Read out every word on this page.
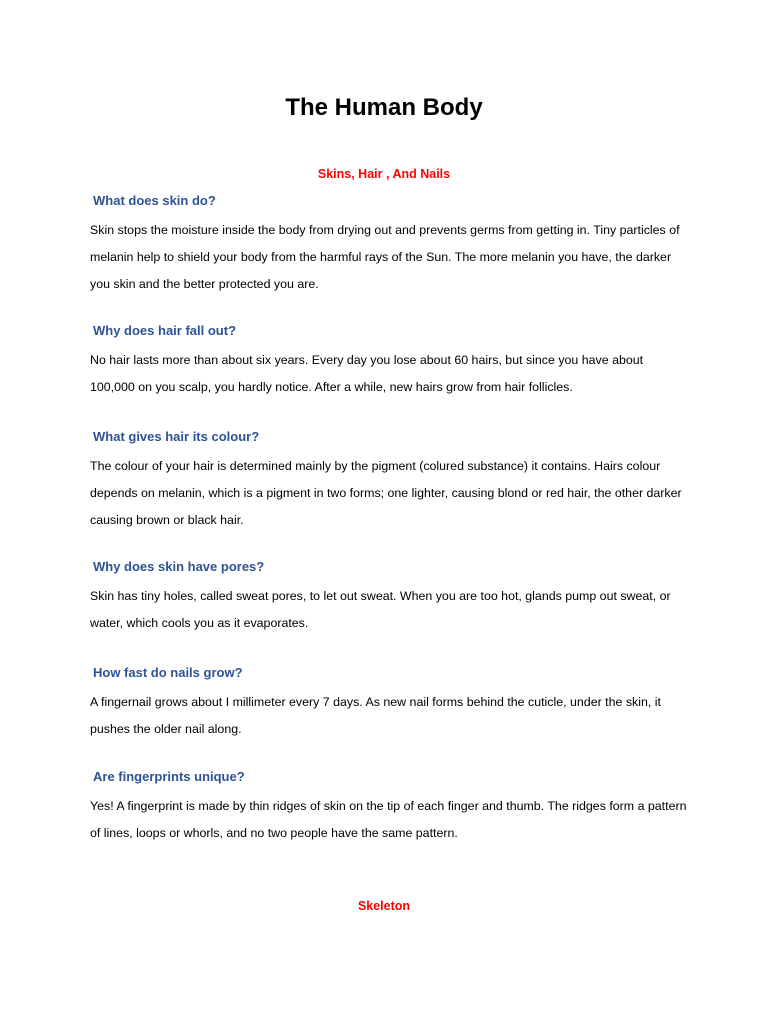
The Human Body
Skins, Hair , And Nails
What does skin do?

Skin stops the moisture inside the body from drying out and prevents germs from getting in. Tiny particles of melanin help to shield your body from the harmful rays of the Sun. The more melanin you have, the darker you skin and the better protected you are.

Why does hair fall out?

No hair lasts more than about six years. Every day you lose about 60 hairs, but since you have about 100,000 on you scalp, you hardly notice. After a while, new hairs grow from hair follicles.

What gives hair its colour?

The colour of your hair is determined mainly by the pigment (colured substance) it contains. Hairs colour depends on melanin, which is a pigment in two forms; one lighter, causing blond or red hair, the other darker causing brown or black hair.

Why does skin have pores?

Skin has tiny holes, called sweat pores, to let out sweat. When you are too hot, glands pump out sweat, or water, which cools you as it evaporates.

How fast do nails grow?

A fingernail grows about I millimeter every 7 days. As new nail forms behind the cuticle, under the skin, it pushes the older nail along.

Are fingerprints unique?

Yes! A fingerprint is made by thin ridges of skin on the tip of each finger and thumb. The ridges form a pattern of lines, loops or whorls, and no two people have the same pattern.

Skeleton
